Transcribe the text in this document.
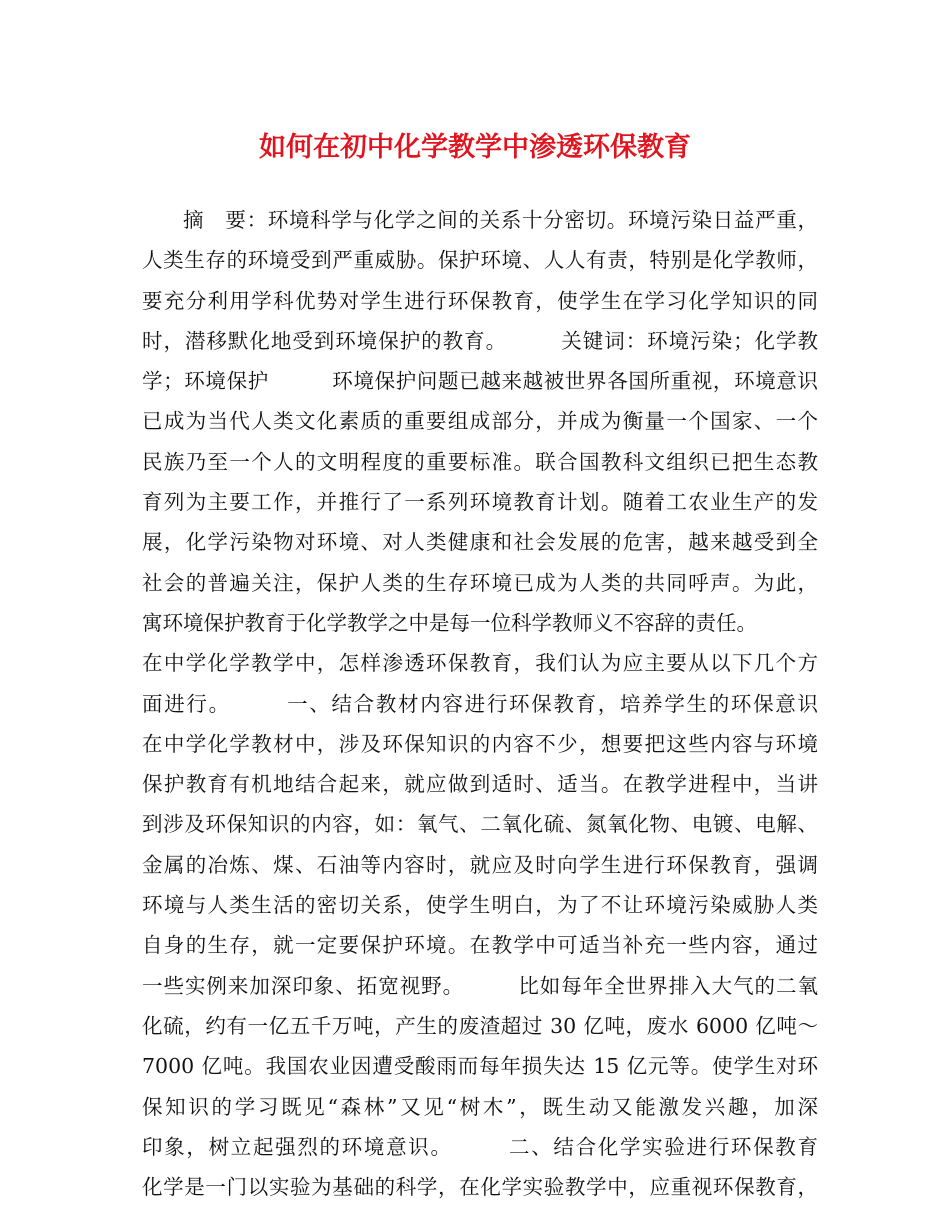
如何在初中化学教学中渗透环保教育
摘　要：环境科学与化学之间的关系十分密切。环境污染日益严重，
人类生存的环境受到严重威胁。保护环境、人人有责，特别是化学教师，
要充分利用学科优势对学生进行环保教育，使学生在学习化学知识的同
时，潜移默化地受到环境保护的教育。　　　关键词：环境污染；化学教
学；环境保护　　　环境保护问题已越来越被世界各国所重视，环境意识
已成为当代人类文化素质的重要组成部分，并成为衡量一个国家、一个
民族乃至一个人的文明程度的重要标准。联合国教科文组织已把生态教
育列为主要工作，并推行了一系列环境教育计划。随着工农业生产的发
展，化学污染物对环境、对人类健康和社会发展的危害，越来越受到全
社会的普遍关注，保护人类的生存环境已成为人类的共同呼声。为此，
寓环境保护教育于化学教学之中是每一位科学教师义不容辞的责任。
在中学化学教学中，怎样渗透环保教育，我们认为应主要从以下几个方
面进行。　　　一、结合教材内容进行环保教育，培养学生的环保意识
在中学化学教材中，涉及环保知识的内容不少，想要把这些内容与环境
保护教育有机地结合起来，就应做到适时、适当。在教学进程中，当讲
到涉及环保知识的内容，如：氧气、二氧化硫、氮氧化物、电镀、电解、
金属的冶炼、煤、石油等内容时，就应及时向学生进行环保教育，强调
环境与人类生活的密切关系，使学生明白，为了不让环境污染威胁人类
自身的生存，就一定要保护环境。在教学中可适当补充一些内容，通过
一些实例来加深印象、拓宽视野。　　　比如每年全世界排入大气的二氧
化硫，约有一亿五千万吨，产生的废渣超过 30 亿吨，废水 6000 亿吨～
7000 亿吨。我国农业因遭受酸雨而每年损失达 15 亿元等。使学生对环
保知识的学习既见“森林”又见“树木”，既生动又能激发兴趣，加深
印象，树立起强烈的环境意识。　　　二、结合化学实验进行环保教育
化学是一门以实验为基础的科学，在化学实验教学中，应重视环保教育，
